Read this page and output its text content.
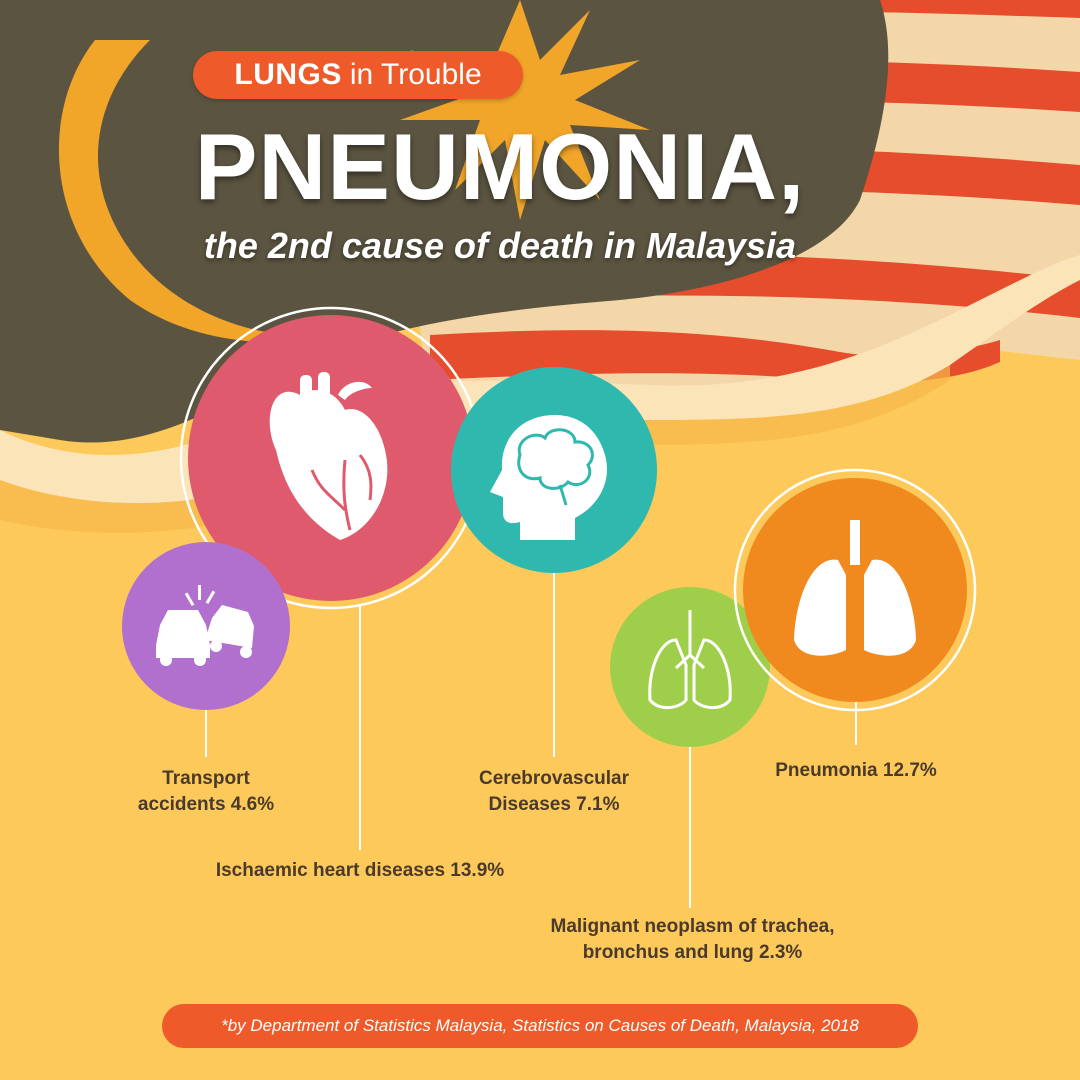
LUNGS in Trouble
PNEUMONIA,
the 2nd cause of death in Malaysia
Transport
accidents 4.6%
Ischaemic heart diseases 13.9%
Cerebrovascular
Diseases 7.1%
Malignant neoplasm of trachea,
bronchus and lung 2.3%
Pneumonia 12.7%
*by Department of Statistics Malaysia, Statistics on Causes of Death, Malaysia, 2018
